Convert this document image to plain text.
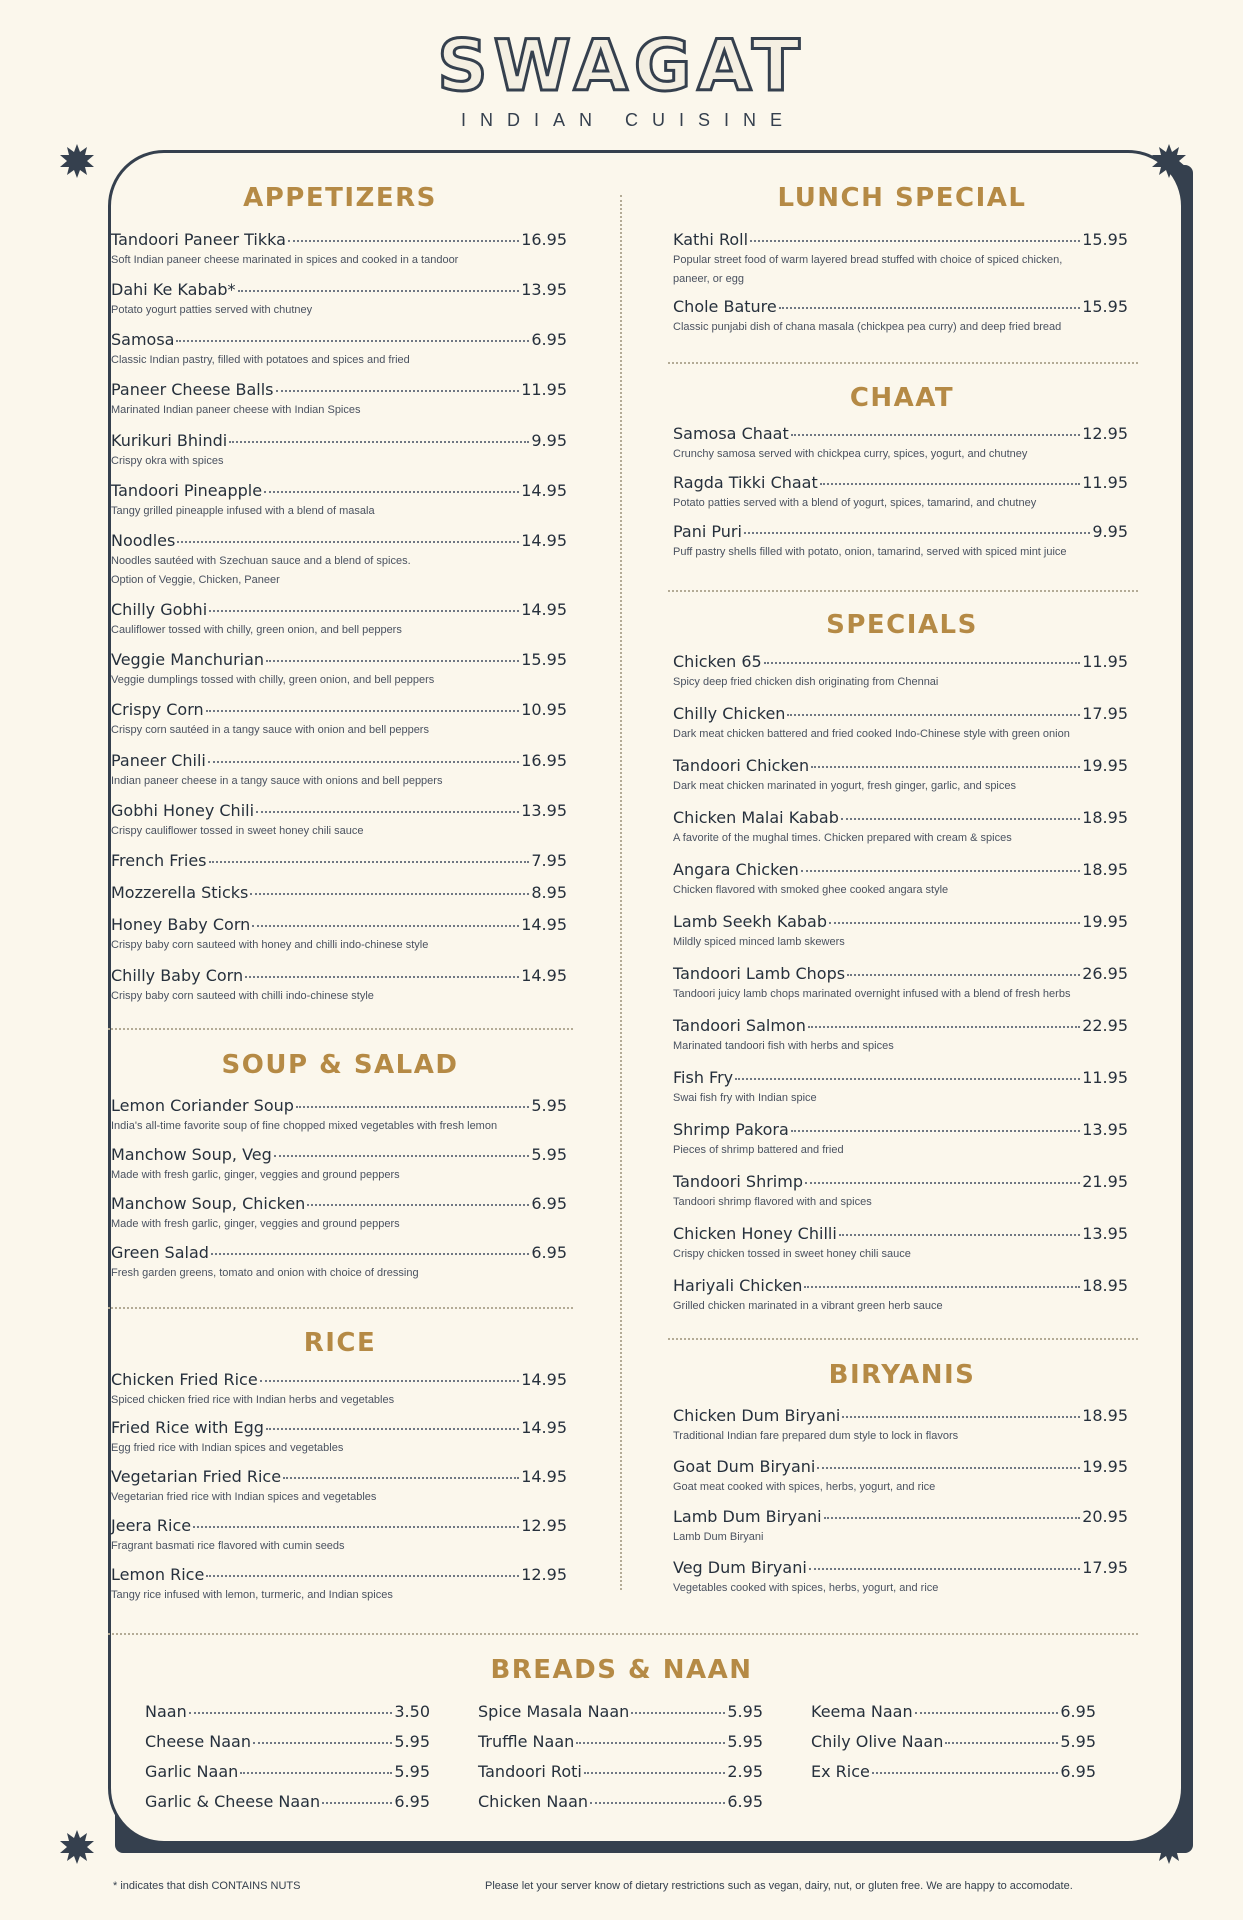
SWAGAT
INDIAN CUISINE
APPETIZERS
SOUP & SALAD
RICE
LUNCH SPECIAL
CHAAT
SPECIALS
BIRYANIS
BREADS & NAAN
Tandoori Paneer Tikka	16.95
Soft Indian paneer cheese marinated in spices and cooked in a tandoor
Dahi Ke Kabab*	13.95
Potato yogurt patties served with chutney
Samosa	6.95
Classic Indian pastry, filled with potatoes and spices and fried
Paneer Cheese Balls	11.95
Marinated Indian paneer cheese with Indian Spices
Kurikuri Bhindi	9.95
Crispy okra with spices
Tandoori Pineapple	14.95
Tangy grilled pineapple infused with a blend of masala
Noodles	14.95
Noodles sautéed with Szechuan sauce and a blend of spices.
Option of Veggie, Chicken, Paneer
Chilly Gobhi	14.95
Cauliflower tossed with chilly, green onion, and bell peppers
Veggie Manchurian	15.95
Veggie dumplings tossed with chilly, green onion, and bell peppers
Crispy Corn	10.95
Crispy corn sautéed in a tangy sauce with onion and bell peppers
Paneer Chili	16.95
Indian paneer cheese in a tangy sauce with onions and bell peppers
Gobhi Honey Chili	13.95
Crispy cauliflower tossed in sweet honey chili sauce
French Fries	7.95
Mozzerella Sticks	8.95
Honey Baby Corn	14.95
Crispy baby corn sauteed with honey and chilli indo-chinese style
Chilly Baby Corn	14.95
Crispy baby corn sauteed with chilli indo-chinese style
Lemon Coriander Soup	5.95
India's all-time favorite soup of fine chopped mixed vegetables with fresh lemon
Manchow Soup, Veg	5.95
Made with fresh garlic, ginger, veggies and ground peppers
Manchow Soup, Chicken	6.95
Made with fresh garlic, ginger, veggies and ground peppers
Green Salad	6.95
Fresh garden greens, tomato and onion with choice of dressing
Chicken Fried Rice	14.95
Spiced chicken fried rice with Indian herbs and vegetables
Fried Rice with Egg	14.95
Egg fried rice with Indian spices and vegetables
Vegetarian Fried Rice	14.95
Vegetarian fried rice with Indian spices and vegetables
Jeera Rice	12.95
Fragrant basmati rice flavored with cumin seeds
Lemon Rice	12.95
Tangy rice infused with lemon, turmeric, and Indian spices
Kathi Roll	15.95
Popular street food of warm layered bread stuffed with choice of spiced chicken,
paneer, or egg
Chole Bature	15.95
Classic punjabi dish of chana masala (chickpea pea curry) and deep fried bread
Samosa Chaat	12.95
Crunchy samosa served with chickpea curry, spices, yogurt, and chutney
Ragda Tikki Chaat	11.95
Potato patties served with a blend of yogurt, spices, tamarind, and chutney
Pani Puri	9.95
Puff pastry shells filled with potato, onion, tamarind, served with spiced mint juice
Chicken 65	11.95
Spicy deep fried chicken dish originating from Chennai
Chilly Chicken	17.95
Dark meat chicken battered and fried cooked Indo-Chinese style with green onion
Tandoori Chicken	19.95
Dark meat chicken marinated in yogurt, fresh ginger, garlic, and spices
Chicken Malai Kabab	18.95
A favorite of the mughal times. Chicken prepared with cream & spices
Angara Chicken	18.95
Chicken flavored with smoked ghee cooked angara style
Lamb Seekh Kabab	19.95
Mildly spiced minced lamb skewers
Tandoori Lamb Chops	26.95
Tandoori juicy lamb chops marinated overnight infused with a blend of fresh herbs
Tandoori Salmon	22.95
Marinated tandoori fish with herbs and spices
Fish Fry	11.95
Swai fish fry with Indian spice
Shrimp Pakora	13.95
Pieces of shrimp battered and fried
Tandoori Shrimp	21.95
Tandoori shrimp flavored with and spices
Chicken Honey Chilli	13.95
Crispy chicken tossed in sweet honey chili sauce
Hariyali Chicken	18.95
Grilled chicken marinated in a vibrant green herb sauce
Chicken Dum Biryani	18.95
Traditional Indian fare prepared dum style to lock in flavors
Goat Dum Biryani	19.95
Goat meat cooked with spices, herbs, yogurt, and rice
Lamb Dum Biryani	20.95
Lamb Dum Biryani
Veg Dum Biryani	17.95
Vegetables cooked with spices, herbs, yogurt, and rice
Naan	3.50
Cheese Naan	5.95
Garlic Naan	5.95
Garlic & Cheese Naan	6.95
Spice Masala Naan	5.95
Truffle Naan	5.95
Tandoori Roti	2.95
Chicken Naan	6.95
Keema Naan	6.95
Chily Olive Naan	5.95
Ex Rice	6.95
* indicates that dish CONTAINS NUTS	Please let your server know of dietary restrictions such as vegan, dairy, nut, or gluten free. We are happy to accomodate.
